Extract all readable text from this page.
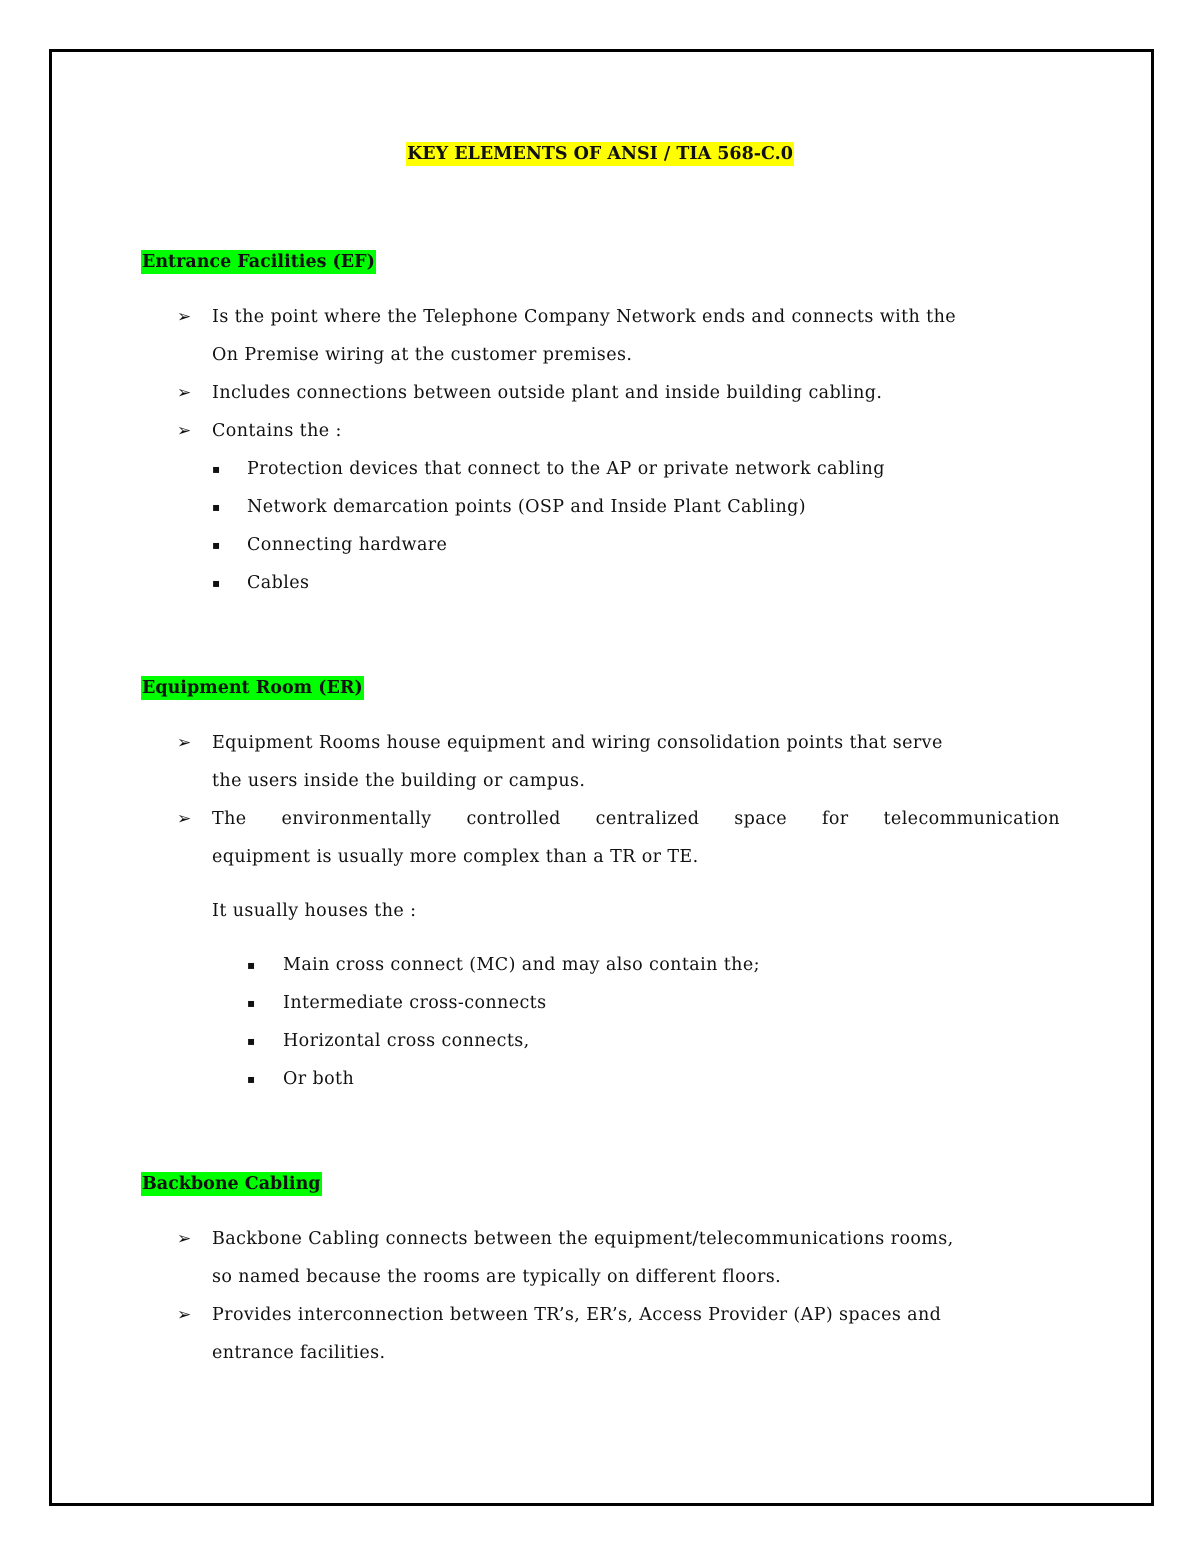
KEY ELEMENTS OF ANSI / TIA 568-C.0
Entrance Facilities (EF)
➢ Is the point where the Telephone Company Network ends and connects with the
On Premise wiring at the customer premises.
➢ Includes connections between outside plant and inside building cabling.
➢ Contains the :
▪ Protection devices that connect to the AP or private network cabling
▪ Network demarcation points (OSP and Inside Plant Cabling)
▪ Connecting hardware
▪ Cables
Equipment Room (ER)
➢ Equipment Rooms house equipment and wiring consolidation points that serve
the users inside the building or campus.
➢ The environmentally controlled centralized space for telecommunication
equipment is usually more complex than a TR or TE.
It usually houses the :
▪ Main cross connect (MC) and may also contain the;
▪ Intermediate cross-connects
▪ Horizontal cross connects,
▪ Or both
Backbone Cabling
➢ Backbone Cabling connects between the equipment/telecommunications rooms,
so named because the rooms are typically on different floors.
➢ Provides interconnection between TR’s, ER’s, Access Provider (AP) spaces and
entrance facilities.
